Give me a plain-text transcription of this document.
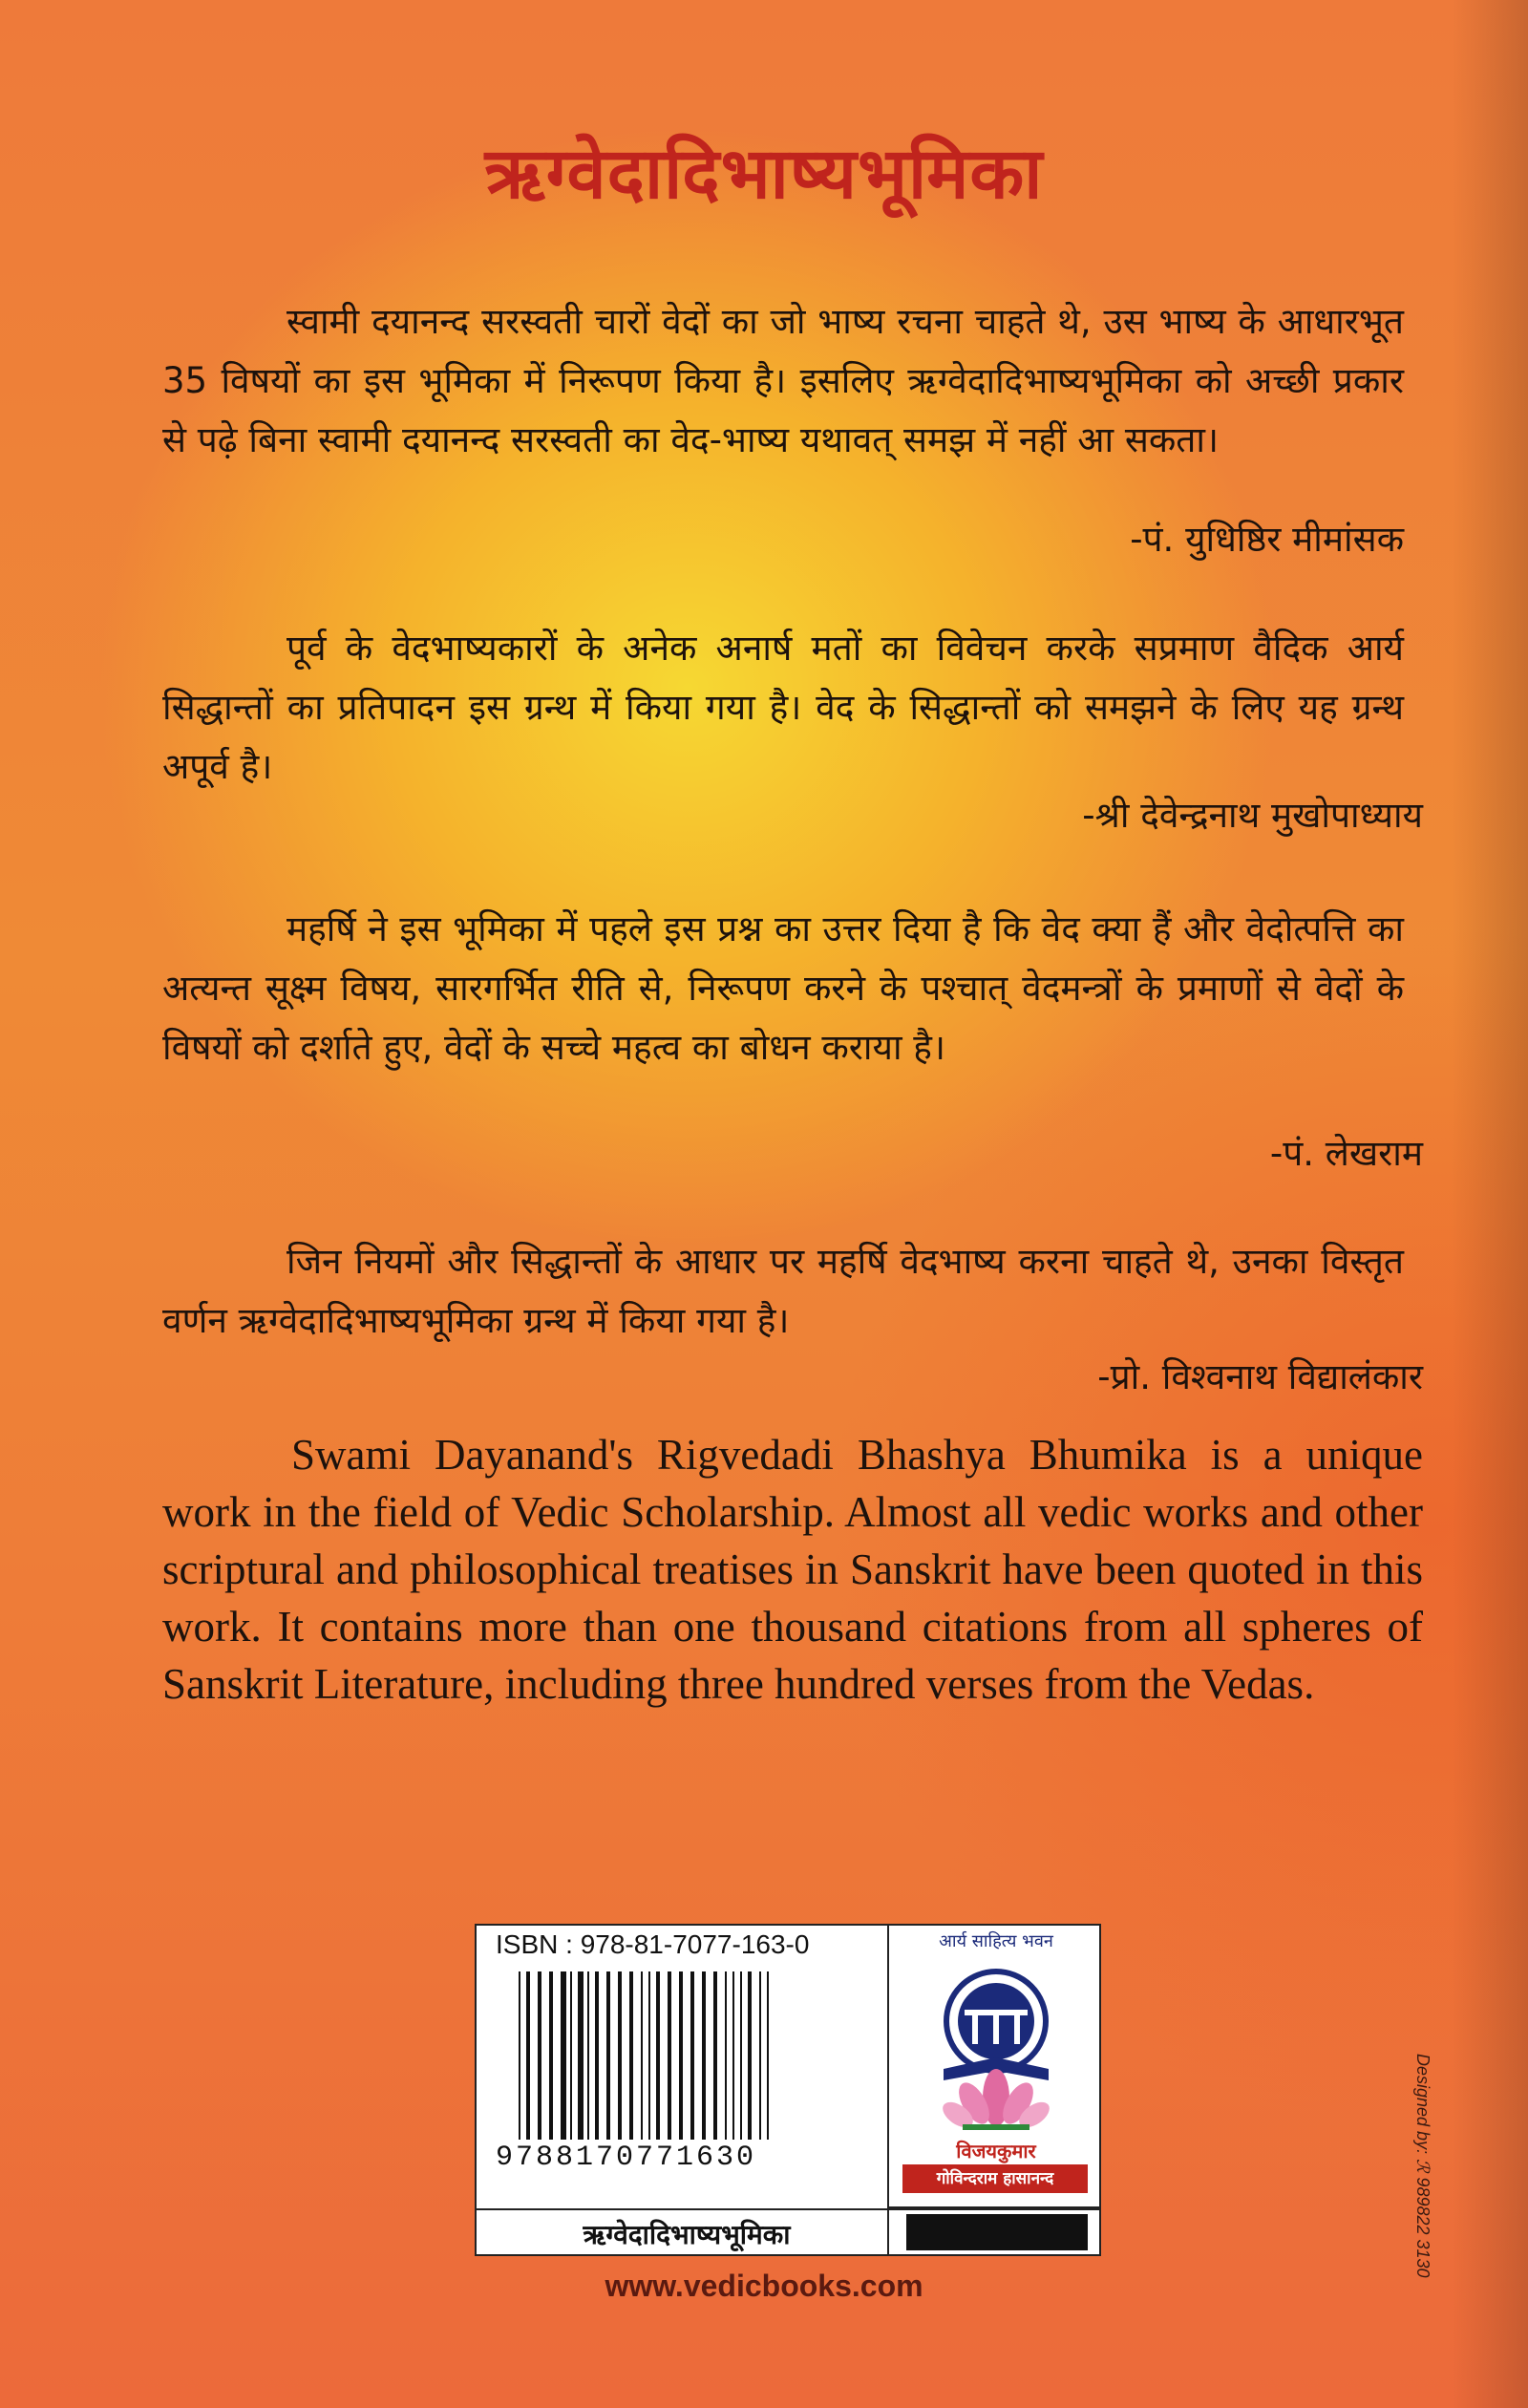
ऋग्वेदादिभाष्यभूमिका

स्वामी दयानन्द सरस्वती चारों वेदों का जो भाष्य रचना चाहते थे, उस भाष्य के आधारभूत 35 विषयों का इस भूमिका में निरूपण किया है। इसलिए ऋग्वेदादिभाष्यभूमिका को अच्छी प्रकार से पढ़े बिना स्वामी दयानन्द सरस्वती का वेद-भाष्य यथावत् समझ में नहीं आ सकता।

-पं. युधिष्ठिर मीमांसक

पूर्व के वेदभाष्यकारों के अनेक अनार्ष मतों का विवेचन करके सप्रमाण वैदिक आर्य सिद्धान्तों का प्रतिपादन इस ग्रन्थ में किया गया है। वेद के सिद्धान्तों को समझने के लिए यह ग्रन्थ अपूर्व है।

-श्री देवेन्द्रनाथ मुखोपाध्याय

महर्षि ने इस भूमिका में पहले इस प्रश्न का उत्तर दिया है कि वेद क्या हैं और वेदोत्पत्ति का अत्यन्त सूक्ष्म विषय, सारगर्भित रीति से, निरूपण करने के पश्चात् वेदमन्त्रों के प्रमाणों से वेदों के विषयों को दर्शाते हुए, वेदों के सच्चे महत्व का बोधन कराया है।

-पं. लेखराम

जिन नियमों और सिद्धान्तों के आधार पर महर्षि वेदभाष्य करना चाहते थे, उनका विस्तृत वर्णन ऋग्वेदादिभाष्यभूमिका ग्रन्थ में किया गया है।

-प्रो. विश्वनाथ विद्यालंकार

Swami Dayanand's Rigvedadi Bhashya Bhumika is a unique work in the field of Vedic Scholarship. Almost all vedic works and other scriptural and philosophical treatises in Sanskrit have been quoted in this work. It contains more than one thousand citations from all spheres of Sanskrit Literature, including three hundred verses from the Vedas.

ISBN : 978-81-7077-163-0
9788170771630
आर्य साहित्य भवन
विजयकुमार
गोविन्दराम हासानन्द
ऋग्वेदादिभाष्यभूमिका
www.vedicbooks.com
Designed by: ℛ 989822 3130
